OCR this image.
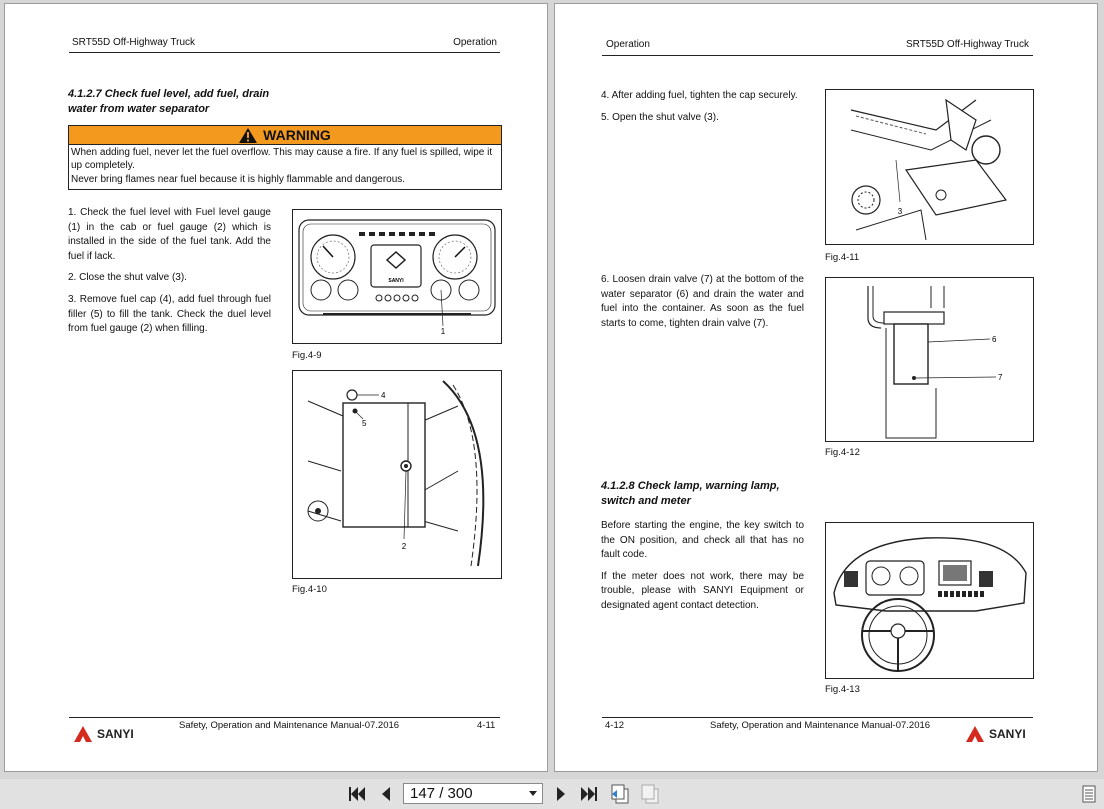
SRT55D Off-Highway Truck	Operation
4.1.2.7 Check fuel level, add fuel, drain
water from water separator
WARNING
When adding fuel, never let the fuel overflow. This may cause a fire. If any fuel is spilled, wipe it
up completely.
Never bring flames near fuel because it is highly flammable and dangerous.

1. Check the fuel level with Fuel level gauge (1) in the cab or fuel gauge (2) which is installed in the side of the fuel tank. Add the fuel if lack.

2. Close the shut valve (3).

3. Remove fuel cap (4), add fuel through fuel filler (5) to fill the tank. Check the duel level from fuel gauge (2) when filling.

SANYI
1
Fig.4-9
4
5
2
Fig.4-10
SANYI
Safety, Operation and Maintenance Manual-07.2016	4-11
Operation	SRT55D Off-Highway Truck

4. After adding fuel, tighten the cap securely.

5. Open the shut valve (3).

3
Fig.4-11
6. Loosen drain valve (7) at the bottom of the water separator (6) and drain the water and fuel into the container. As soon as the fuel starts to come, tighten drain valve (7).
6
7
Fig.4-12
4.1.2.8 Check lamp, warning lamp,
switch and meter

Before starting the engine, the key switch to the ON position, and check all that has no fault code.

If the meter does not work, there may be trouble, please with SANYI Equipment or designated agent contact detection.

Fig.4-13
4-12	Safety, Operation and Maintenance Manual-07.2016
SANYI
147 / 300
